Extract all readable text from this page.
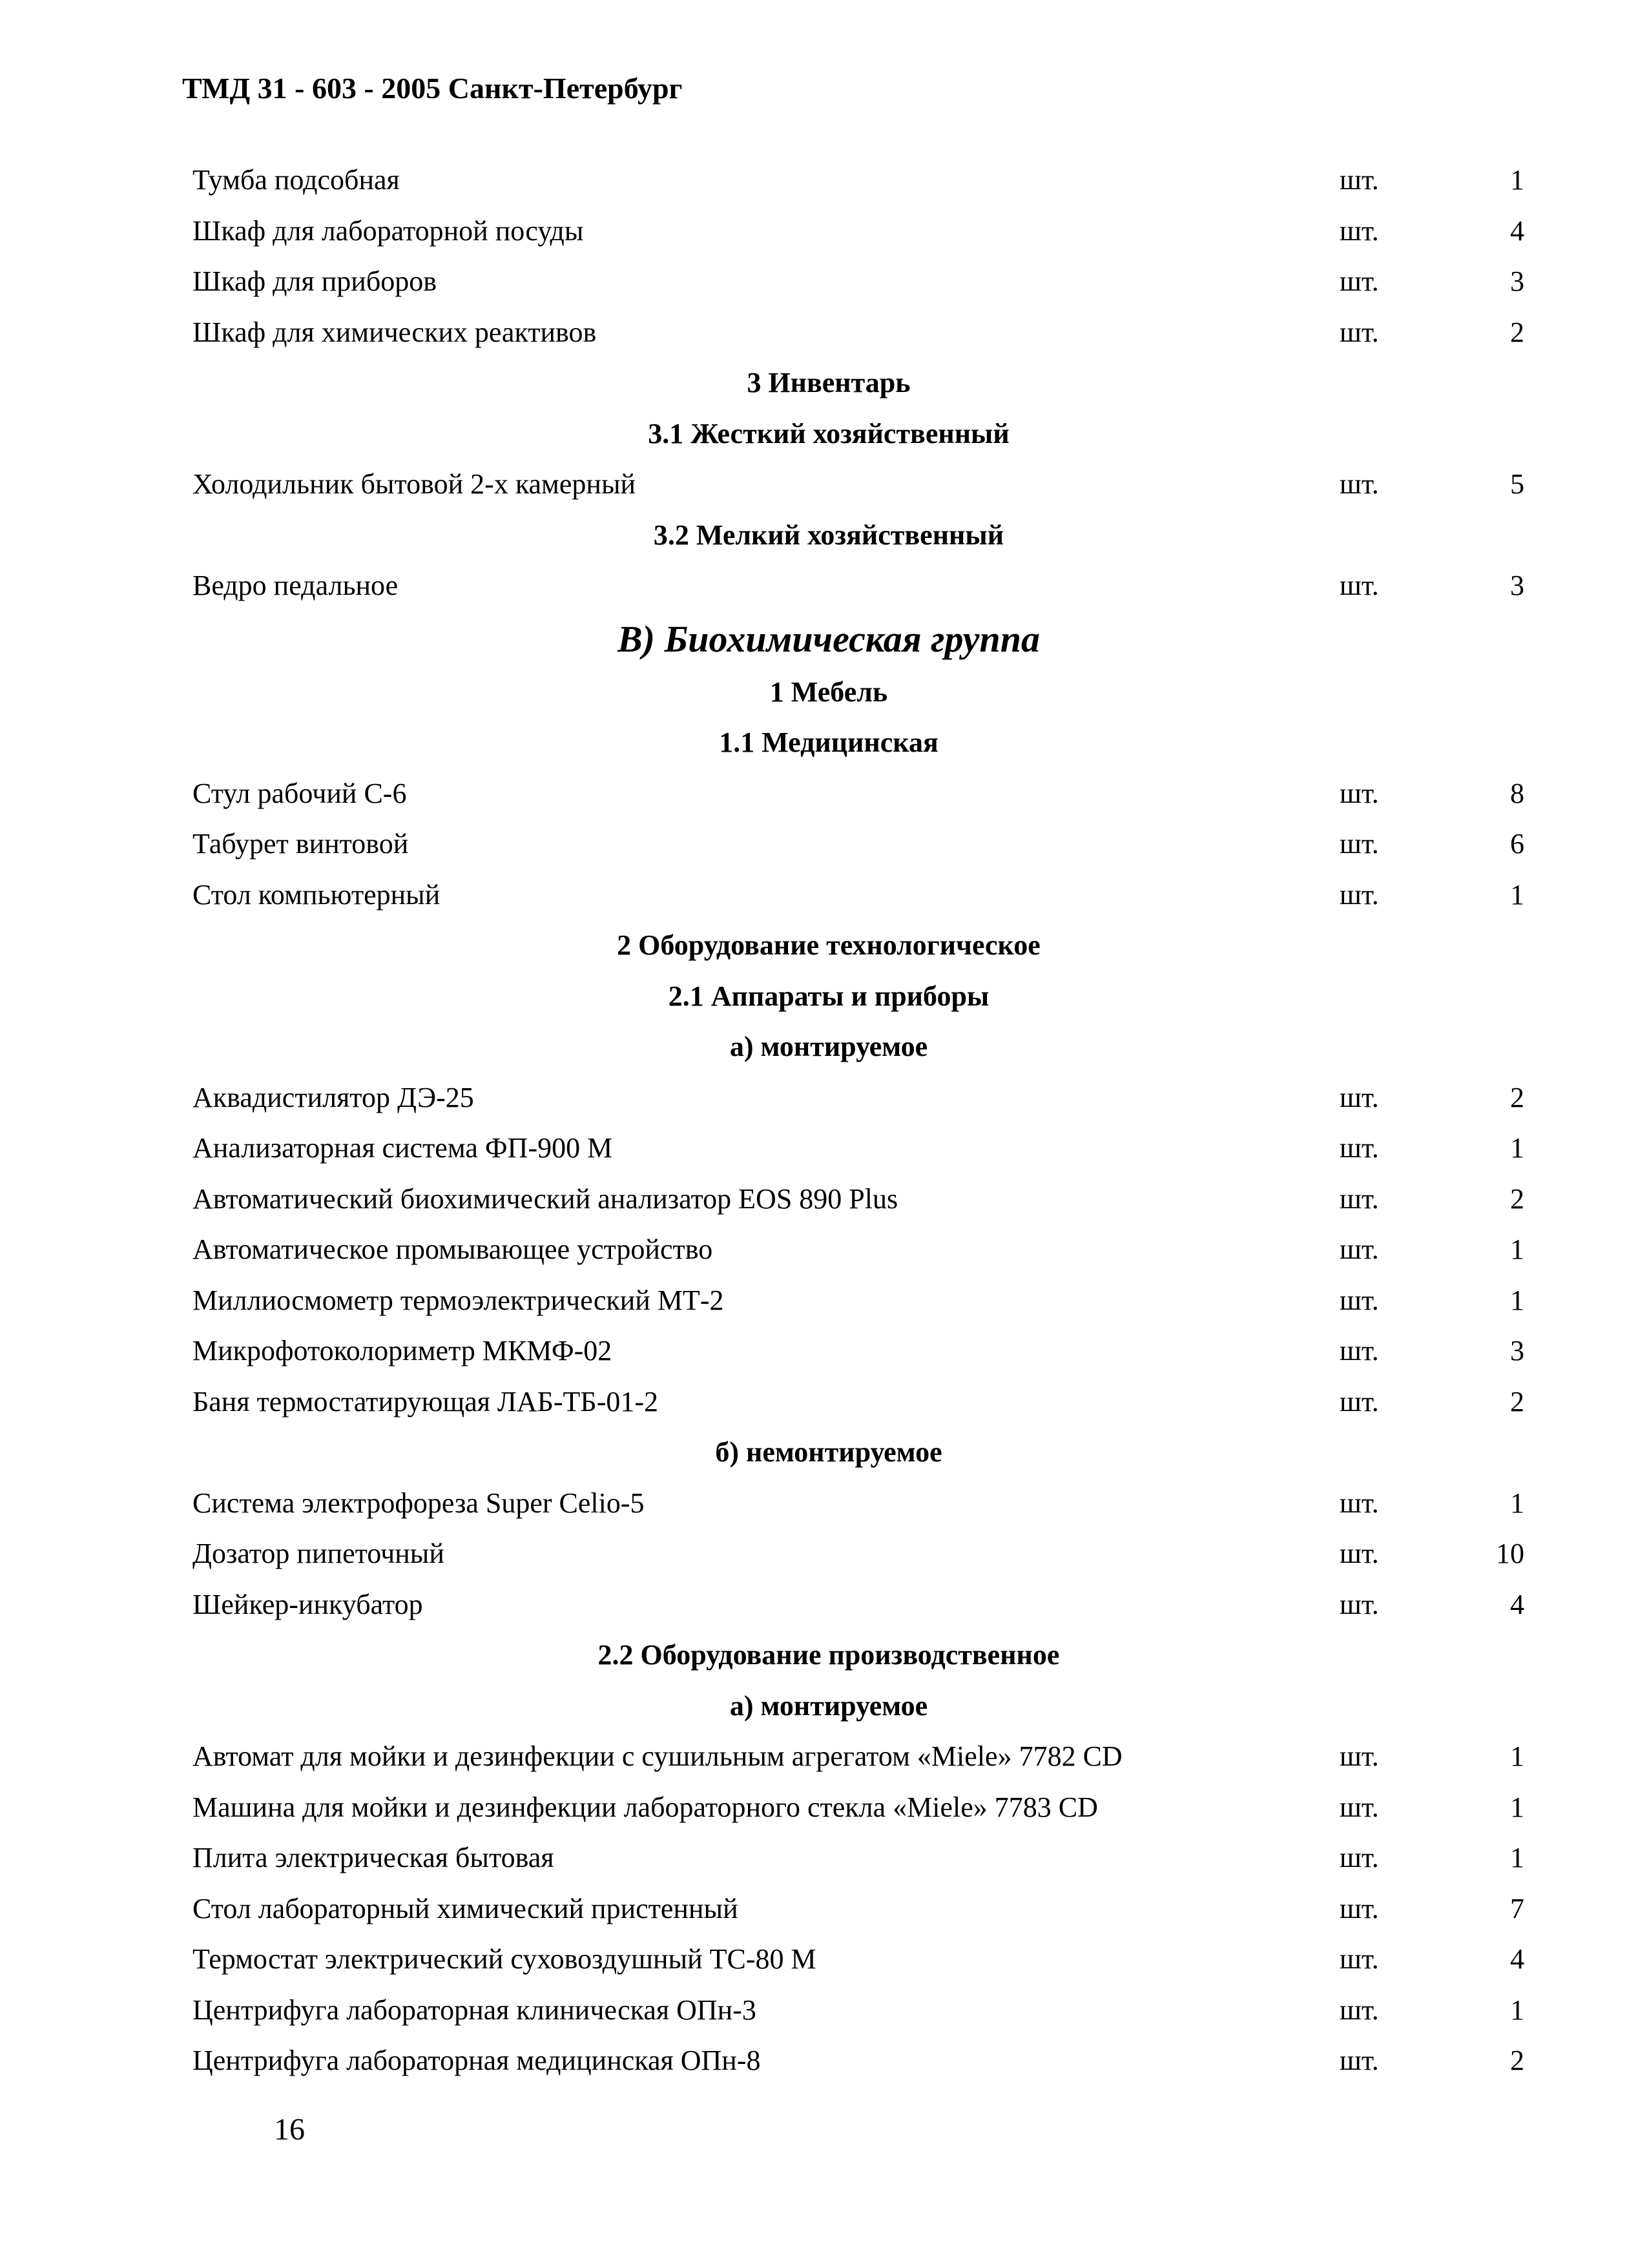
ТМД 31 - 603 - 2005 Санкт-Петербург
Тумба подсобная	шт.	1
Шкаф для лабораторной посуды	шт.	4
Шкаф для приборов	шт.	3
Шкаф для химических реактивов	шт.	2
3 Инвентарь
3.1 Жесткий хозяйственный
Холодильник бытовой 2-х камерный	шт.	5
3.2 Мелкий хозяйственный
Ведро педальное	шт.	3
В) Биохимическая группа
1 Мебель
1.1 Медицинская
Стул рабочий С-6	шт.	8
Табурет винтовой	шт.	6
Стол компьютерный	шт.	1
2 Оборудование технологическое
2.1 Аппараты и приборы
а) монтируемое
Аквадистилятор ДЭ-25	шт.	2
Анализаторная система ФП-900 М	шт.	1
Автоматический биохимический анализатор EOS 890 Plus	шт.	2
Автоматическое промывающее устройство	шт.	1
Миллиосмометр термоэлектрический МТ-2	шт.	1
Микрофотоколориметр МКМФ-02	шт.	3
Баня термостатирующая ЛАБ-ТБ-01-2	шт.	2
б) немонтируемое
Система электрофореза Super Celio-5	шт.	1
Дозатор пипеточный	шт.	10
Шейкер-инкубатор	шт.	4
2.2 Оборудование производственное
а) монтируемое
Автомат для мойки и дезинфекции с сушильным агрегатом «Miele» 7782 CD	шт.	1
Машина для мойки и дезинфекции лабораторного стекла «Miele» 7783 CD	шт.	1
Плита электрическая бытовая	шт.	1
Стол лабораторный химический пристенный	шт.	7
Термостат электрический суховоздушный ТС-80 М	шт.	4
Центрифуга лабораторная клиническая ОПн-3	шт.	1
Центрифуга лабораторная медицинская ОПн-8	шт.	2
16
